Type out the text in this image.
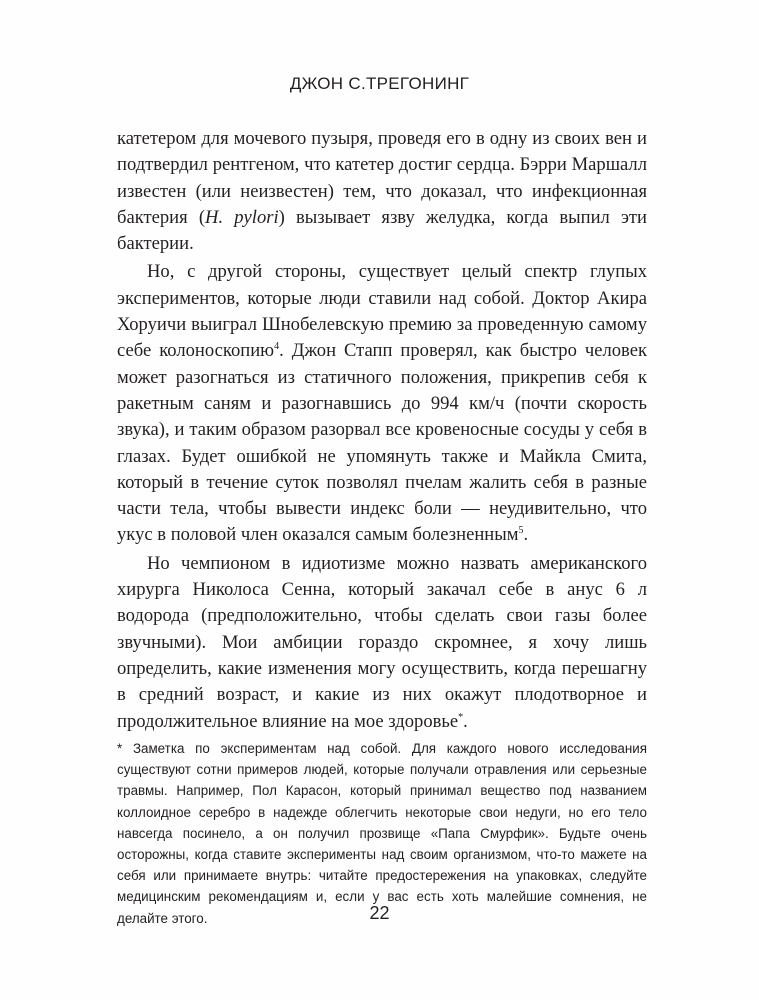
ДЖОН С.ТРЕГОНИНГ

катетером для мочевого пузыря, проведя его в одну из своих вен и подтвердил рентгеном, что катетер достиг сердца. Бэрри Маршалл известен (или неизвестен) тем, что доказал, что инфекционная бактерия (H. pylori) вызывает язву желудка, когда выпил эти бактерии.

Но, с другой стороны, существует целый спектр глупых экспериментов, которые люди ставили над собой. Доктор Акира Хоруичи выиграл Шнобелевскую премию за проведенную самому себе колоноскопию$^4$. Джон Стапп проверял, как быстро человек может разогнаться из статичного положения, прикрепив себя к ракетным саням и разогнавшись до 994 км/ч (почти скорость звука), и таким образом разорвал все кровеносные сосуды у себя в глазах. Будет ошибкой не упомянуть также и Майкла Смита, который в течение суток позволял пчелам жалить себя в разные части тела, чтобы вывести индекс боли — неудивительно, что укус в половой член оказался самым болезненным$^5$.

Но чемпионом в идиотизме можно назвать американского хирурга Николоса Сенна, который закачал себе в анус 6 л водорода (предположительно, чтобы сделать свои газы более звучными). Мои амбиции гораздо скромнее, я хочу лишь определить, какие изменения могу осуществить, когда перешагну в средний возраст, и какие из них окажут плодотворное и продолжительное влияние на мое здоровье*.

* Заметка по экспериментам над собой. Для каждого нового исследования существуют сотни примеров людей, которые получали отравления или серьезные травмы. Например, Пол Карасон, который принимал вещество под названием коллоидное серебро в надежде облегчить некоторые свои недуги, но его тело навсегда посинело, а он получил прозвище «Папа Смурфик». Будьте очень осторожны, когда ставите эксперименты над своим организмом, что-то мажете на себя или принимаете внутрь: читайте предостережения на упаковках, следуйте медицинским рекомендациям и, если у вас есть хоть малейшие сомнения, не делайте этого.	22
